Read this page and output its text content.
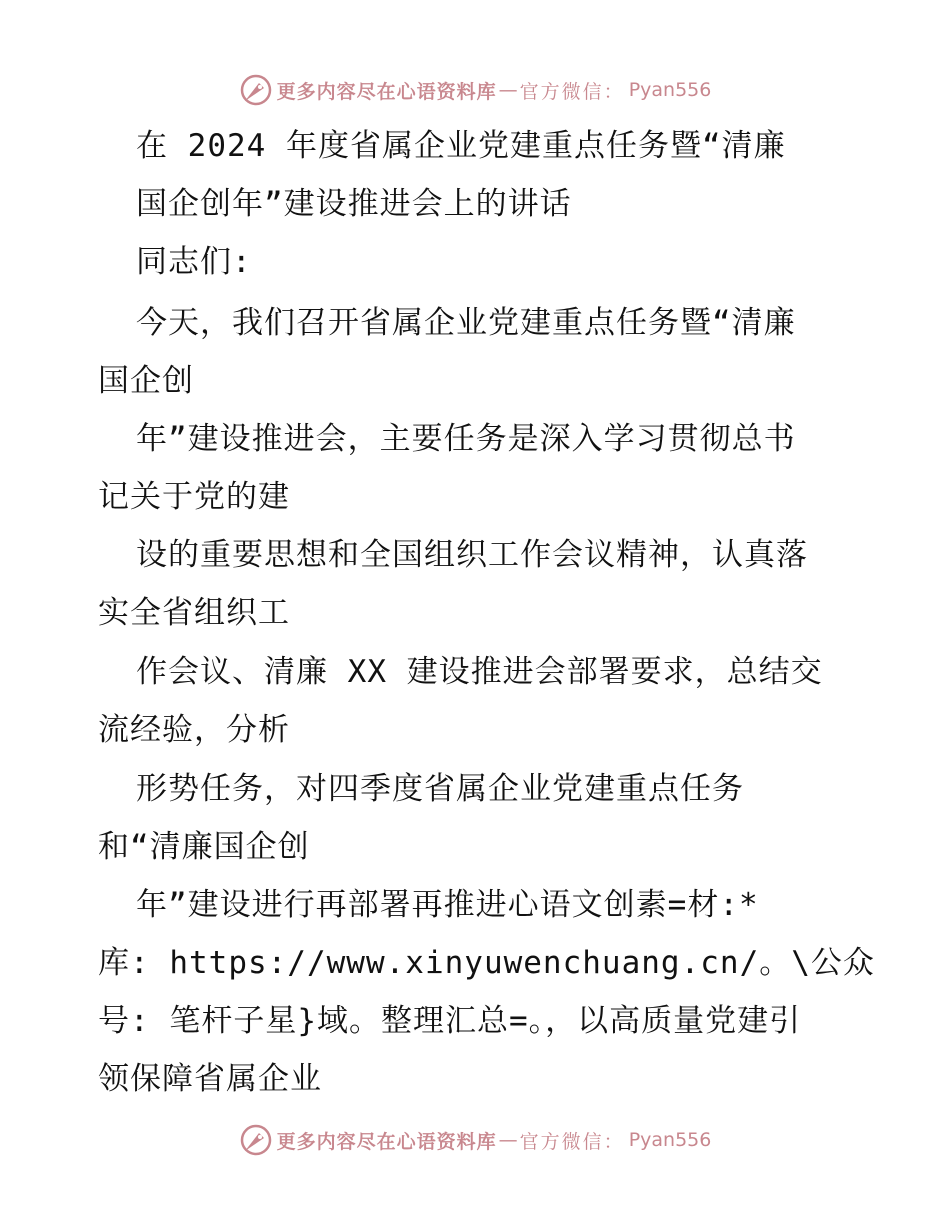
更多内容尽在心语资料库 — 官方微信： Pyan556
在 2024 年度省属企业党建重点任务暨“清廉
国企创年”建设推进会上的讲话
同志们:
今天，我们召开省属企业党建重点任务暨“清廉
国企创
年”建设推进会，主要任务是深入学习贯彻总书
记关于党的建
设的重要思想和全国组织工作会议精神，认真落
实全省组织工
作会议、清廉 XX 建设推进会部署要求，总结交
流经验，分析
形势任务，对四季度省属企业党建重点任务
和“清廉国企创
年”建设进行再部署再推进心语文创素=材:*
库: https://www.xinyuwenchuang.cn/。\公众
号: 笔杆子星}域。整理汇总=。，以高质量党建引
领保障省属企业
更多内容尽在心语资料库 — 官方微信： Pyan556
